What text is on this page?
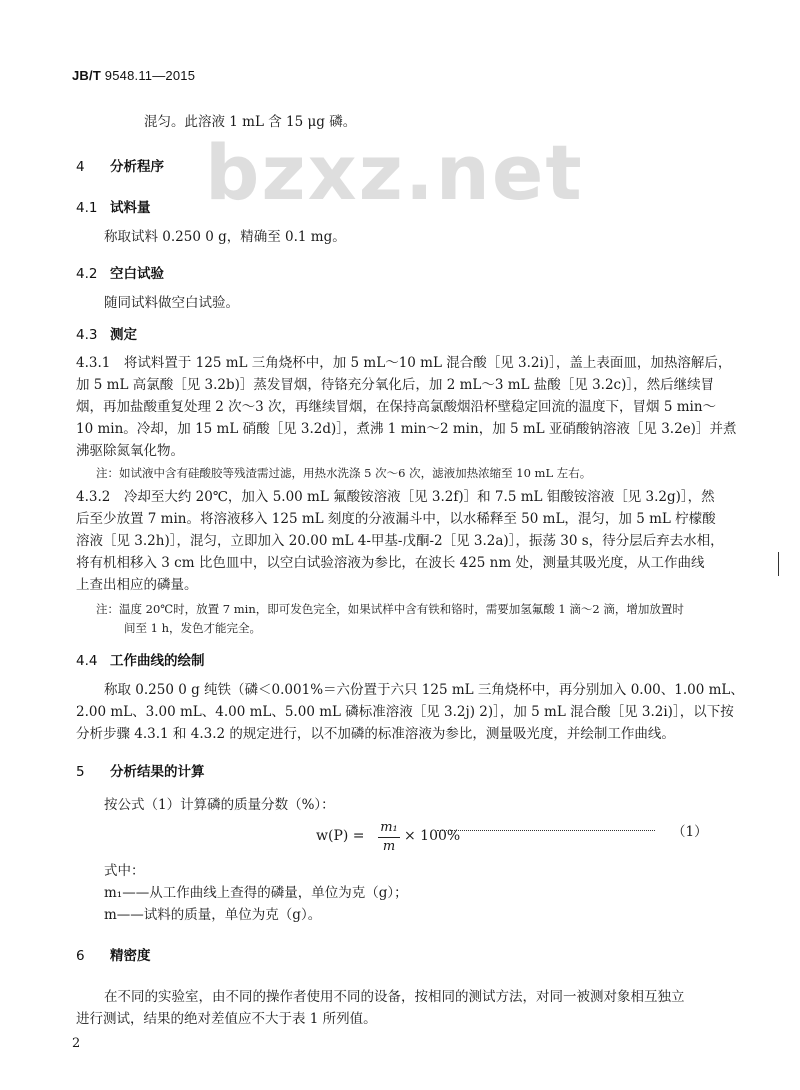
JB/T 9548.11—2015
bzxz.net
混匀。此溶液 1 mL 含 15 μg 磷。
4 分析程序
4.1 试料量
称取试料 0.250 0 g，精确至 0.1 mg。
4.2 空白试验
随同试料做空白试验。
4.3 测定
4.3.1　将试料置于 125 mL 三角烧杯中，加 5 mL～10 mL 混合酸［见 3.2i)］，盖上表面皿，加热溶解后，
加 5 mL 高氯酸［见 3.2b)］蒸发冒烟，待铬充分氧化后，加 2 mL～3 mL 盐酸［见 3.2c)］，然后继续冒
烟，再加盐酸重复处理 2 次～3 次，再继续冒烟，在保持高氯酸烟沿杯壁稳定回流的温度下，冒烟 5 min～
10 min。冷却，加 15 mL 硝酸［见 3.2d)］，煮沸 1 min～2 min，加 5 mL 亚硝酸钠溶液［见 3.2e)］并煮
沸驱除氮氧化物。
注：如试液中含有硅酸胶等残渣需过滤，用热水洗涤 5 次～6 次，滤液加热浓缩至 10 mL 左右。
4.3.2　冷却至大约 20℃，加入 5.00 mL 氟酸铵溶液［见 3.2f)］和 7.5 mL 钼酸铵溶液［见 3.2g)］，然
后至少放置 7 min。将溶液移入 125 mL 刻度的分液漏斗中，以水稀释至 50 mL，混匀，加 5 mL 柠檬酸
溶液［见 3.2h)］，混匀，立即加入 20.00 mL 4-甲基-戊酮-2［见 3.2a)］，振荡 30 s，待分层后弃去水相，
将有机相移入 3 cm 比色皿中，以空白试验溶液为参比，在波长 425 nm 处，测量其吸光度，从工作曲线
上查出相应的磷量。
注：温度 20℃时，放置 7 min，即可发色完全，如果试样中含有铁和铬时，需要加氢氟酸 1 滴～2 滴，增加放置时
间至 1 h，发色才能完全。
4.4 工作曲线的绘制
称取 0.250 0 g 纯铁（磷＜0.001%＝六份置于六只 125 mL 三角烧杯中，再分别加入 0.00、1.00 mL、
2.00 mL、3.00 mL、4.00 mL、5.00 mL 磷标准溶液［见 3.2j) 2)］，加 5 mL 混合酸［见 3.2i)］，以下按
分析步骤 4.3.1 和 4.3.2 的规定进行，以不加磷的标准溶液为参比，测量吸光度，并绘制工作曲线。
5 分析结果的计算
按公式（1）计算磷的质量分数（%）：
w(P) =
m₁
m
× 100%	（1）
式中：
m₁——从工作曲线上查得的磷量，单位为克（g）；
m——试料的质量，单位为克（g）。
6 精密度
在不同的实验室，由不同的操作者使用不同的设备，按相同的测试方法，对同一被测对象相互独立
进行测试，结果的绝对差值应不大于表 1 所列值。
2
